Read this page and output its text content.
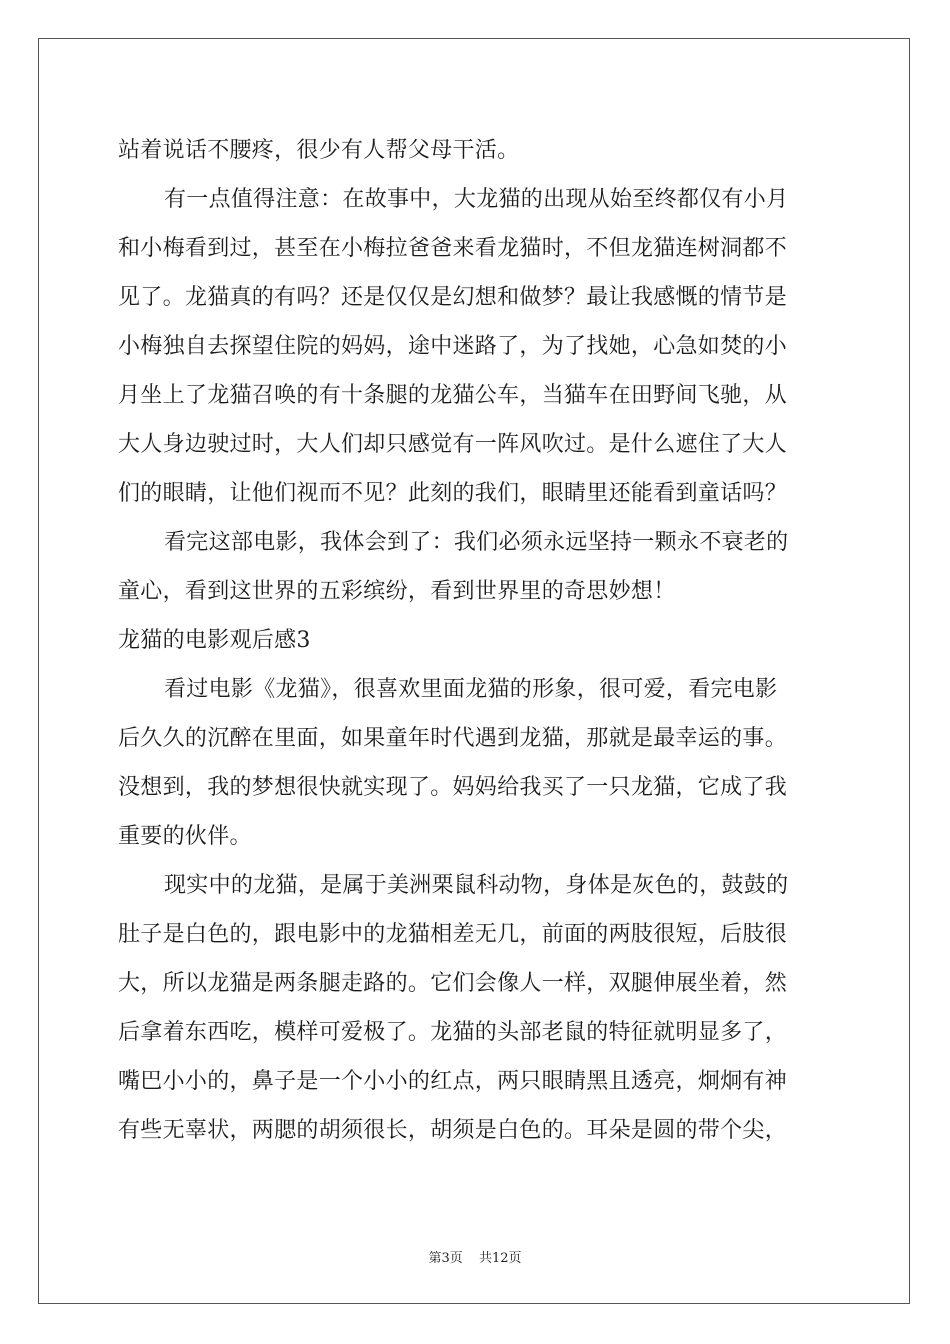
站着说话不腰疼，很少有人帮父母干活。
有一点值得注意：在故事中，大龙猫的出现从始至终都仅有小月
和小梅看到过，甚至在小梅拉爸爸来看龙猫时，不但龙猫连树洞都不
见了。龙猫真的有吗？还是仅仅是幻想和做梦？最让我感慨的情节是
小梅独自去探望住院的妈妈，途中迷路了，为了找她，心急如焚的小
月坐上了龙猫召唤的有十条腿的龙猫公车，当猫车在田野间飞驰，从
大人身边驶过时，大人们却只感觉有一阵风吹过。是什么遮住了大人
们的眼睛，让他们视而不见？此刻的我们，眼睛里还能看到童话吗？
看完这部电影，我体会到了：我们必须永远坚持一颗永不衰老的
童心，看到这世界的五彩缤纷，看到世界里的奇思妙想！
龙猫的电影观后感3
看过电影《龙猫》，很喜欢里面龙猫的形象，很可爱，看完电影
后久久的沉醉在里面，如果童年时代遇到龙猫，那就是最幸运的事。
没想到，我的梦想很快就实现了。妈妈给我买了一只龙猫，它成了我
重要的伙伴。
现实中的龙猫，是属于美洲栗鼠科动物，身体是灰色的，鼓鼓的
肚子是白色的，跟电影中的龙猫相差无几，前面的两肢很短，后肢很
大，所以龙猫是两条腿走路的。它们会像人一样，双腿伸展坐着，然
后拿着东西吃，模样可爱极了。龙猫的头部老鼠的特征就明显多了，
嘴巴小小的，鼻子是一个小小的红点，两只眼睛黑且透亮，炯炯有神
有些无辜状，两腮的胡须很长，胡须是白色的。耳朵是圆的带个尖，
第3页 共12页
